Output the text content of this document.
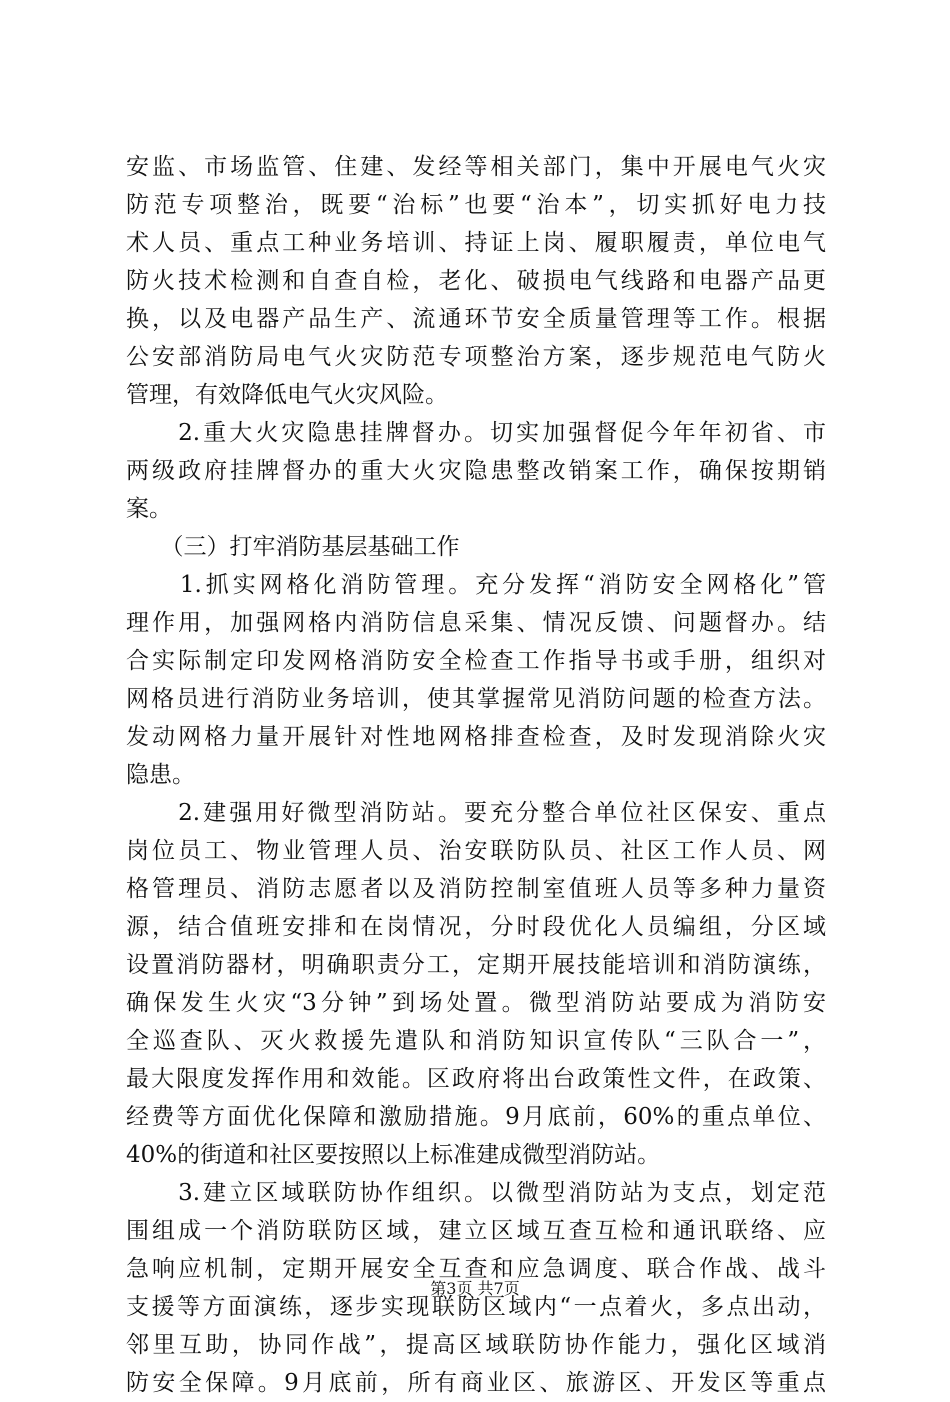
安监、市场监管、住建、发经等相关部门，集中开展电气火灾
防范专项整治，既要“治标”也要“治本”，切实抓好电力技
术人员、重点工种业务培训、持证上岗、履职履责，单位电气
防火技术检测和自查自检，老化、破损电气线路和电器产品更
换，以及电器产品生产、流通环节安全质量管理等工作。根据
公安部消防局电气火灾防范专项整治方案，逐步规范电气防火
管理，有效降低电气火灾风险。
　　2.重大火灾隐患挂牌督办。切实加强督促今年年初省、市
两级政府挂牌督办的重大火灾隐患整改销案工作，确保按期销
案。
　　（三）打牢消防基层基础工作
　　1.抓实网格化消防管理。充分发挥“消防安全网格化”管
理作用，加强网格内消防信息采集、情况反馈、问题督办。结
合实际制定印发网格消防安全检查工作指导书或手册，组织对
网格员进行消防业务培训，使其掌握常见消防问题的检查方法。
发动网格力量开展针对性地网格排查检查，及时发现消除火灾
隐患。
　　2.建强用好微型消防站。要充分整合单位社区保安、重点
岗位员工、物业管理人员、治安联防队员、社区工作人员、网
格管理员、消防志愿者以及消防控制室值班人员等多种力量资
源，结合值班安排和在岗情况，分时段优化人员编组，分区域
设置消防器材，明确职责分工，定期开展技能培训和消防演练，
确保发生火灾“3分钟”到场处置。微型消防站要成为消防安
全巡查队、灭火救援先遣队和消防知识宣传队“三队合一”，
最大限度发挥作用和效能。区政府将出台政策性文件，在政策、
经费等方面优化保障和激励措施。9月底前，60%的重点单位、
40%的街道和社区要按照以上标准建成微型消防站。
　　3.建立区域联防协作组织。以微型消防站为支点，划定范
围组成一个消防联防区域，建立区域互查互检和通讯联络、应
急响应机制，定期开展安全互查和应急调度、联合作战、战斗
支援等方面演练，逐步实现联防区域内“一点着火，多点出动，
邻里互助，协同作战”，提高区域联防协作能力，强化区域消
防安全保障。9月底前，所有商业区、旅游区、开发区等重点
第3页 共7页
